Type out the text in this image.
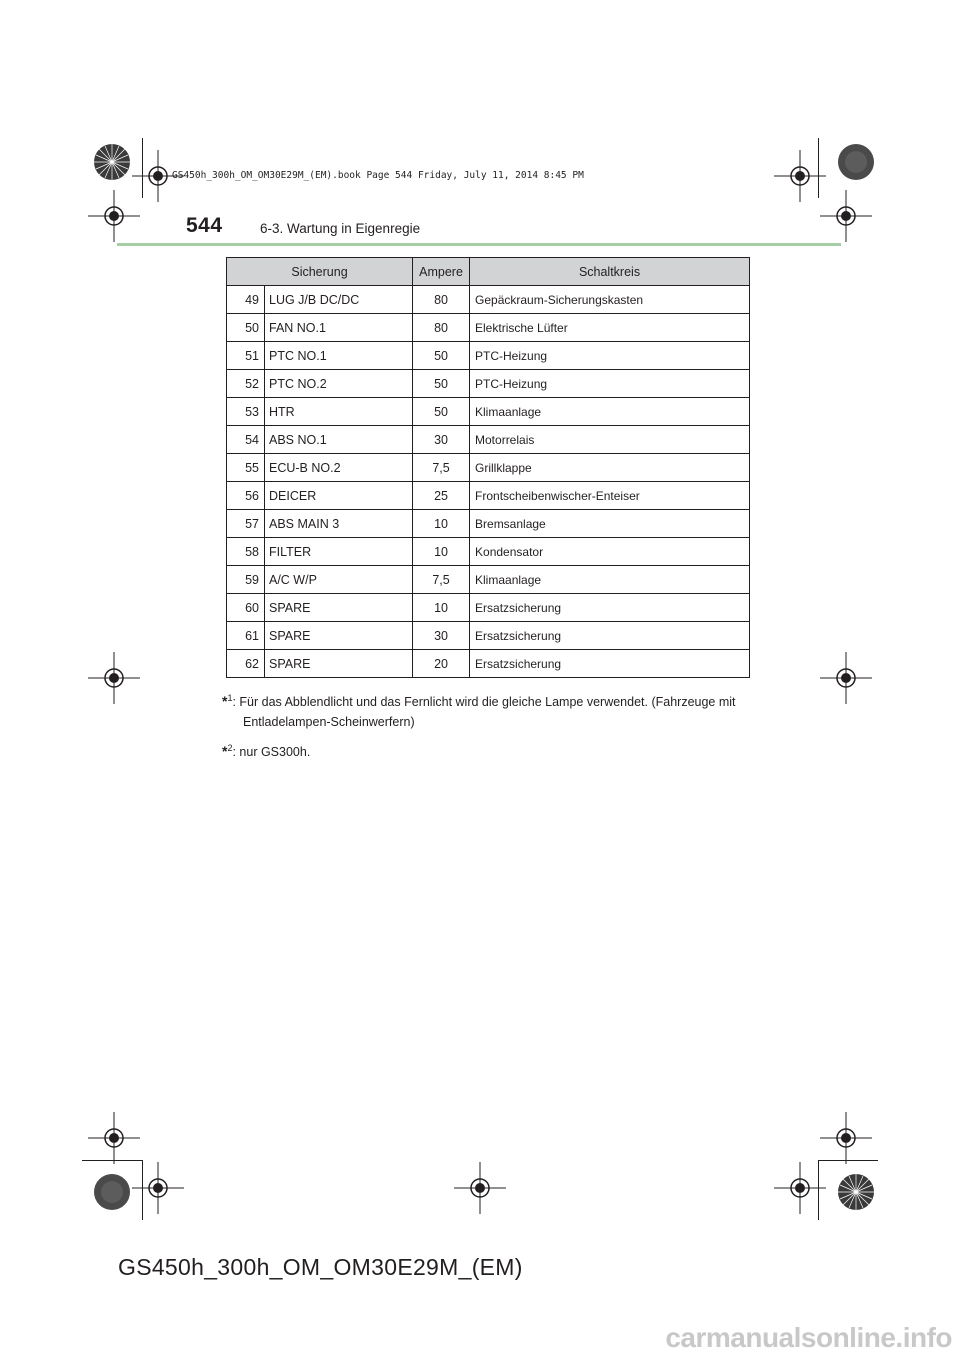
GS450h_300h_OM_OM30E29M_(EM).book Page 544 Friday, July 11, 2014 8:45 PM
544	6-3. Wartung in Eigenregie
Sicherung		Ampere	Schaltkreis
49	LUG J/B DC/DC	80	Gepäckraum-Sicherungskasten
50	FAN NO.1	80	Elektrische Lüfter
51	PTC NO.1	50	PTC-Heizung
52	PTC NO.2	50	PTC-Heizung
53	HTR	50	Klimaanlage
54	ABS NO.1	30	Motorrelais
55	ECU-B NO.2	7,5	Grillklappe
56	DEICER	25	Frontscheibenwischer-Enteiser
57	ABS MAIN 3	10	Bremsanlage
58	FILTER	10	Kondensator
59	A/C W/P	7,5	Klimaanlage
60	SPARE	10	Ersatzsicherung
61	SPARE	30	Ersatzsicherung
62	SPARE	20	Ersatzsicherung
*$^1$: Für das Abblendlicht und das Fernlicht wird die gleiche Lampe verwendet. (Fahrzeuge mit
Entladelampen-Scheinwerfern)
*$^2$: nur GS300h.
GS450h_300h_OM_OM30E29M_(EM)
carmanualsonline.info
